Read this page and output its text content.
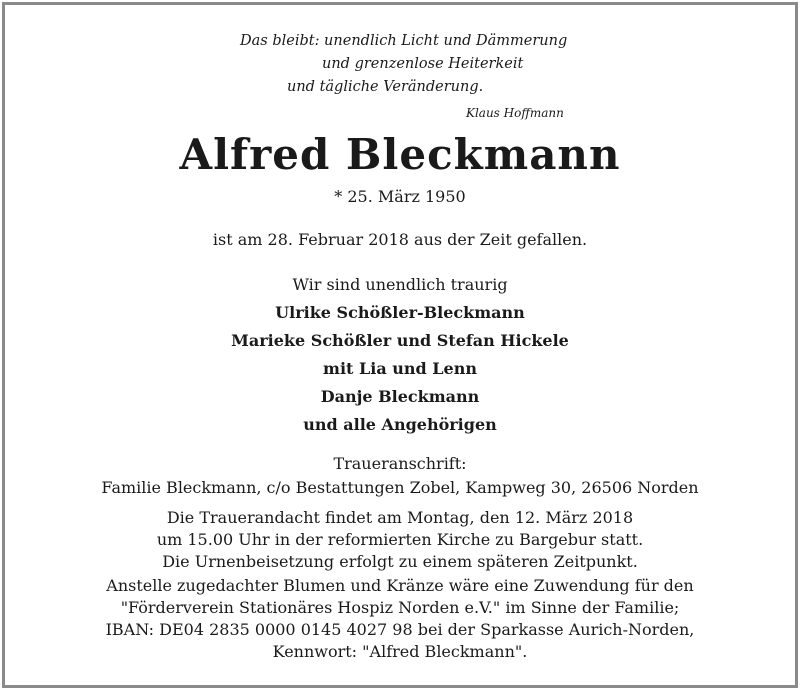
Das bleibt: unendlich Licht und Dämmerung
und grenzenlose Heiterkeit
und tägliche Veränderung.
Klaus Hoffmann
Alfred Bleckmann
* 25. März 1950
ist am 28. Februar 2018 aus der Zeit gefallen.
Wir sind unendlich traurig
Ulrike Schößler-Bleckmann
Marieke Schößler und Stefan Hickele
mit Lia und Lenn
Danje Bleckmann
und alle Angehörigen
Traueranschrift:
Familie Bleckmann, c/o Bestattungen Zobel, Kampweg 30, 26506 Norden
Die Trauerandacht findet am Montag, den 12. März 2018
um 15.00 Uhr in der reformierten Kirche zu Bargebur statt.
Die Urnenbeisetzung erfolgt zu einem späteren Zeitpunkt.
Anstelle zugedachter Blumen und Kränze wäre eine Zuwendung für den
"Förderverein Stationäres Hospiz Norden e.V." im Sinne der Familie;
IBAN: DE04 2835 0000 0145 4027 98 bei der Sparkasse Aurich-Norden,
Kennwort: "Alfred Bleckmann".
